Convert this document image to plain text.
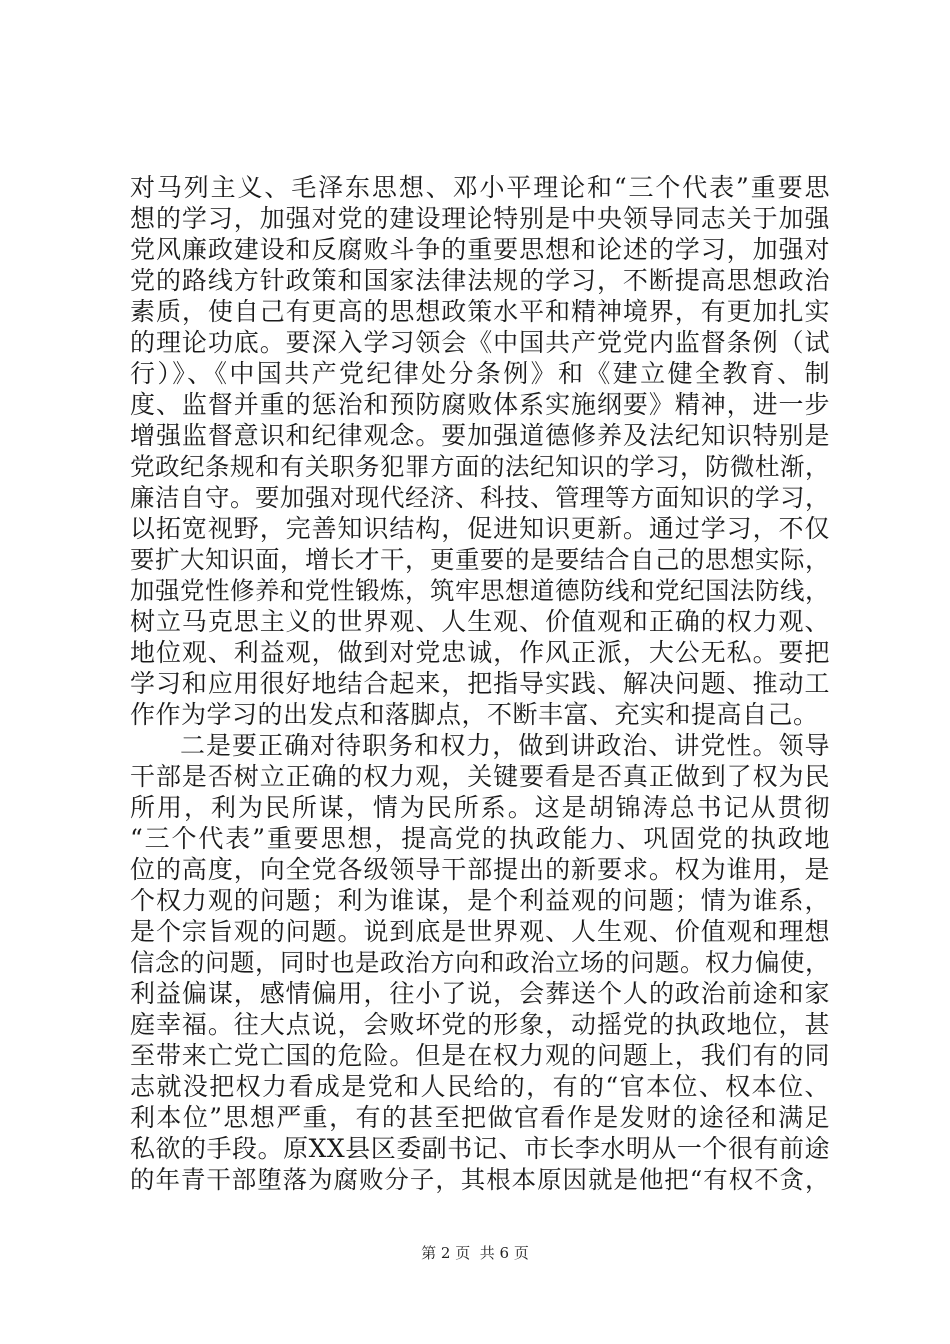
对马列主义、毛泽东思想、邓小平理论和“三个代表”重要思
想的学习，加强对党的建设理论特别是中央领导同志关于加强
党风廉政建设和反腐败斗争的重要思想和论述的学习，加强对
党的路线方针政策和国家法律法规的学习，不断提高思想政治
素质，使自己有更高的思想政策水平和精神境界，有更加扎实
的理论功底。要深入学习领会《中国共产党党内监督条例（试
行）》、《中国共产党纪律处分条例》和《建立健全教育、制
度、监督并重的惩治和预防腐败体系实施纲要》精神，进一步
增强监督意识和纪律观念。要加强道德修养及法纪知识特别是
党政纪条规和有关职务犯罪方面的法纪知识的学习，防微杜渐，
廉洁自守。要加强对现代经济、科技、管理等方面知识的学习，
以拓宽视野，完善知识结构，促进知识更新。通过学习，不仅
要扩大知识面，增长才干，更重要的是要结合自己的思想实际，
加强党性修养和党性锻炼，筑牢思想道德防线和党纪国法防线，
树立马克思主义的世界观、人生观、价值观和正确的权力观、
地位观、利益观，做到对党忠诚，作风正派，大公无私。要把
学习和应用很好地结合起来，把指导实践、解决问题、推动工
作作为学习的出发点和落脚点，不断丰富、充实和提高自己。
二是要正确对待职务和权力，做到讲政治、讲党性。领导
干部是否树立正确的权力观，关键要看是否真正做到了权为民
所用，利为民所谋，情为民所系。这是胡锦涛总书记从贯彻
“三个代表”重要思想，提高党的执政能力、巩固党的执政地
位的高度，向全党各级领导干部提出的新要求。权为谁用，是
个权力观的问题；利为谁谋，是个利益观的问题；情为谁系，
是个宗旨观的问题。说到底是世界观、人生观、价值观和理想
信念的问题，同时也是政治方向和政治立场的问题。权力偏使，
利益偏谋，感情偏用，往小了说，会葬送个人的政治前途和家
庭幸福。往大点说，会败坏党的形象，动摇党的执政地位，甚
至带来亡党亡国的危险。但是在权力观的问题上，我们有的同
志就没把权力看成是党和人民给的，有的“官本位、权本位、
利本位”思想严重，有的甚至把做官看作是发财的途径和满足
私欲的手段。原XX县区委副书记、市长李水明从一个很有前途
的年青干部堕落为腐败分子，其根本原因就是他把“有权不贪，
第 2 页  共 6 页
